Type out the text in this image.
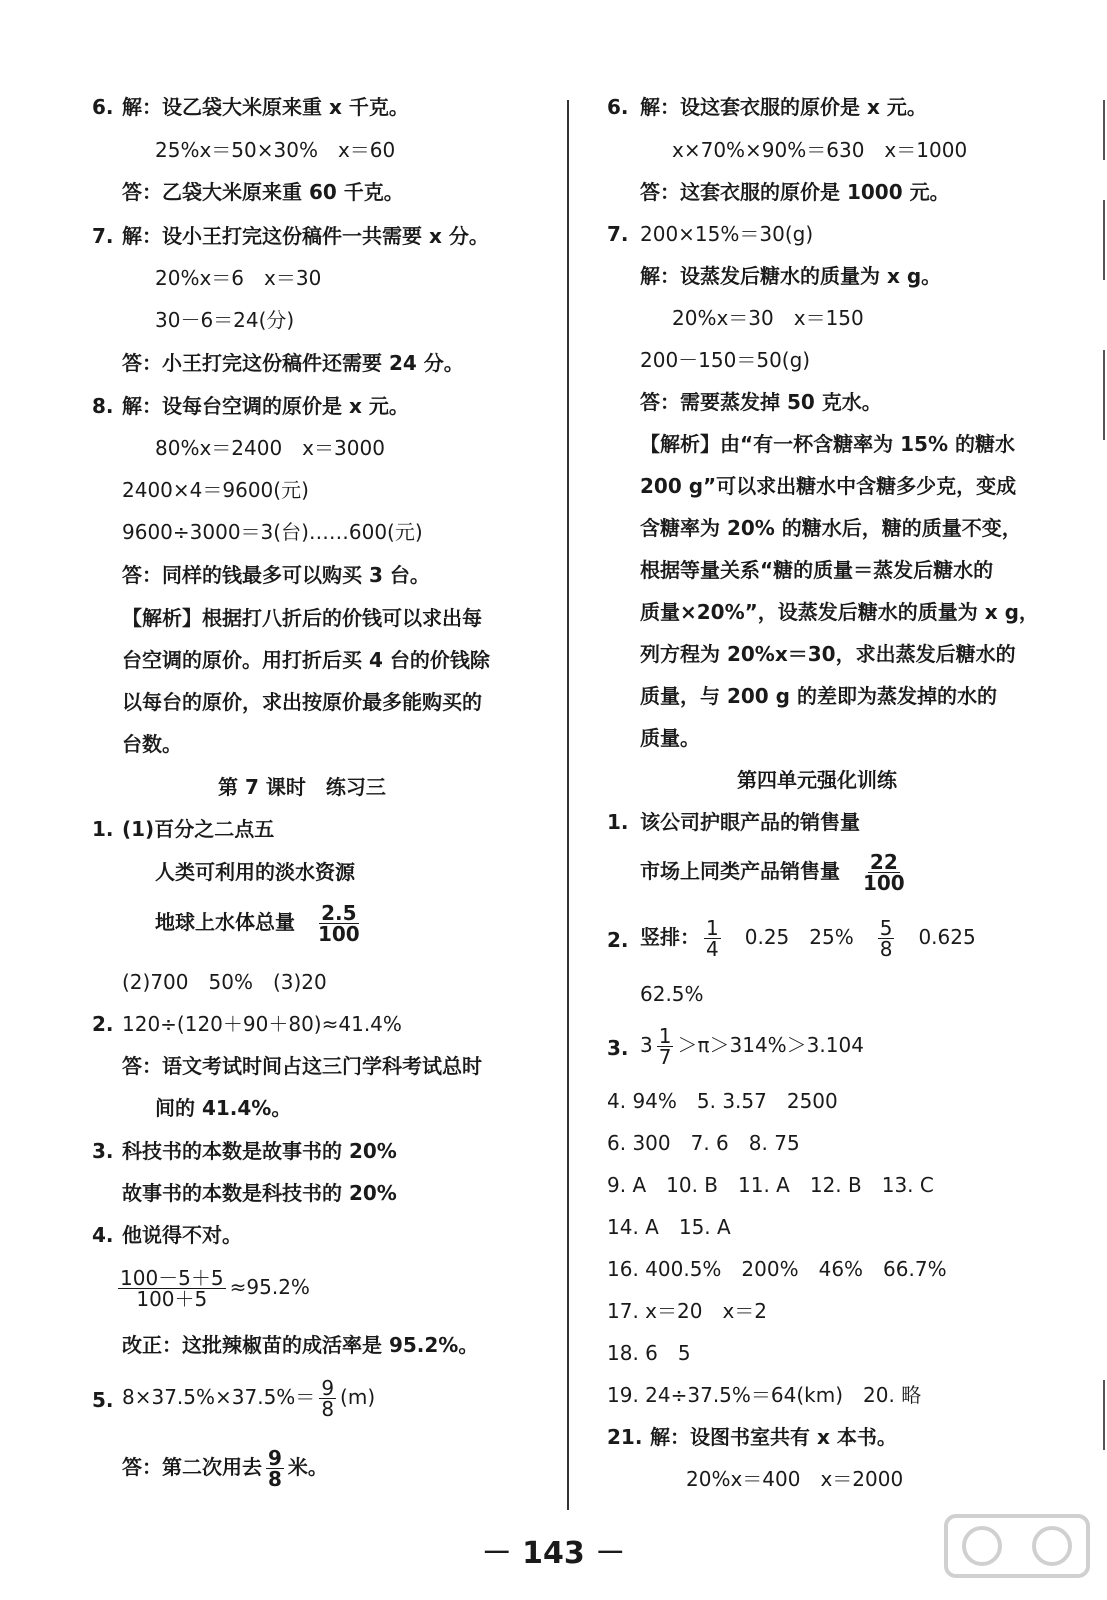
6. 解：设乙袋大米原来重 x 千克。
25%x＝50×30%　x＝60
答：乙袋大米原来重 60 千克。
7. 解：设小王打完这份稿件一共需要 x 分。
20%x＝6　x＝30
30－6＝24(分)
答：小王打完这份稿件还需要 24 分。
8. 解：设每台空调的原价是 x 元。
80%x＝2400　x＝3000
2400×4＝9600(元)
9600÷3000＝3(台)……600(元)
答：同样的钱最多可以购买 3 台。
【解析】根据打八折后的价钱可以求出每
台空调的原价。用打折后买 4 台的价钱除
以每台的原价，求出按原价最多能购买的
台数。
第 7 课时　练习三
1. (1)百分之二点五
人类可利用的淡水资源
地球上水体总量 $\frac{2.5}{100}$
(2)700　50%　(3)20
2. 120÷(120＋90＋80)≈41.4%
答：语文考试时间占这三门学科考试总时
间的 41.4%。
3. 科技书的本数是故事书的 20%
故事书的本数是科技书的 20%
4. 他说得不对。
$\frac{100-5+5}{100+5} \approx 95.2\%$
改正：这批辣椒苗的成活率是 95.2%。
5. $8\times 37.5\%\times 37.5\%= \frac{9}{8} (m)$
答：第二次用去 $\frac{9}{8}$ 米。
6. 解：设这套衣服的原价是 x 元。
x×70%×90%＝630　x＝1000
答：这套衣服的原价是 1000 元。
7. 200×15%＝30(g)
解：设蒸发后糖水的质量为 x g。
20%x＝30　x＝150
200－150＝50(g)
答：需要蒸发掉 50 克水。
【解析】由“有一杯含糖率为 15% 的糖水
200 g”可以求出糖水中含糖多少克，变成
含糖率为 20% 的糖水后，糖的质量不变，
根据等量关系“糖的质量＝蒸发后糖水的
质量×20%”，设蒸发后糖水的质量为 x g，
列方程为 20%x＝30，求出蒸发后糖水的
质量，与 200 g 的差即为蒸发掉的水的
质量。
第四单元强化训练
1. 该公司护眼产品的销售量
市场上同类产品销售量 $\frac{22}{100}$
2. 竖排： $\frac{1}{4}$ 　0.25　25%　 $\frac{5}{8}$ 　0.625
62.5%
3. $3 \frac{1}{7} >\pi>314\%>3.104$
4. 94%　5. 3.57　2500
6. 300　7. 6　8. 75
9. A　10. B　11. A　12. B　13. C
14. A　15. A
16. 400.5%　200%　46%　66.7%
17. x＝20　x＝2
18. 6　5
19. 24÷37.5%＝64(km)　20. 略
21. 解：设图书室共有 x 本书。
20%x＝400　x＝2000
－ 143 －
